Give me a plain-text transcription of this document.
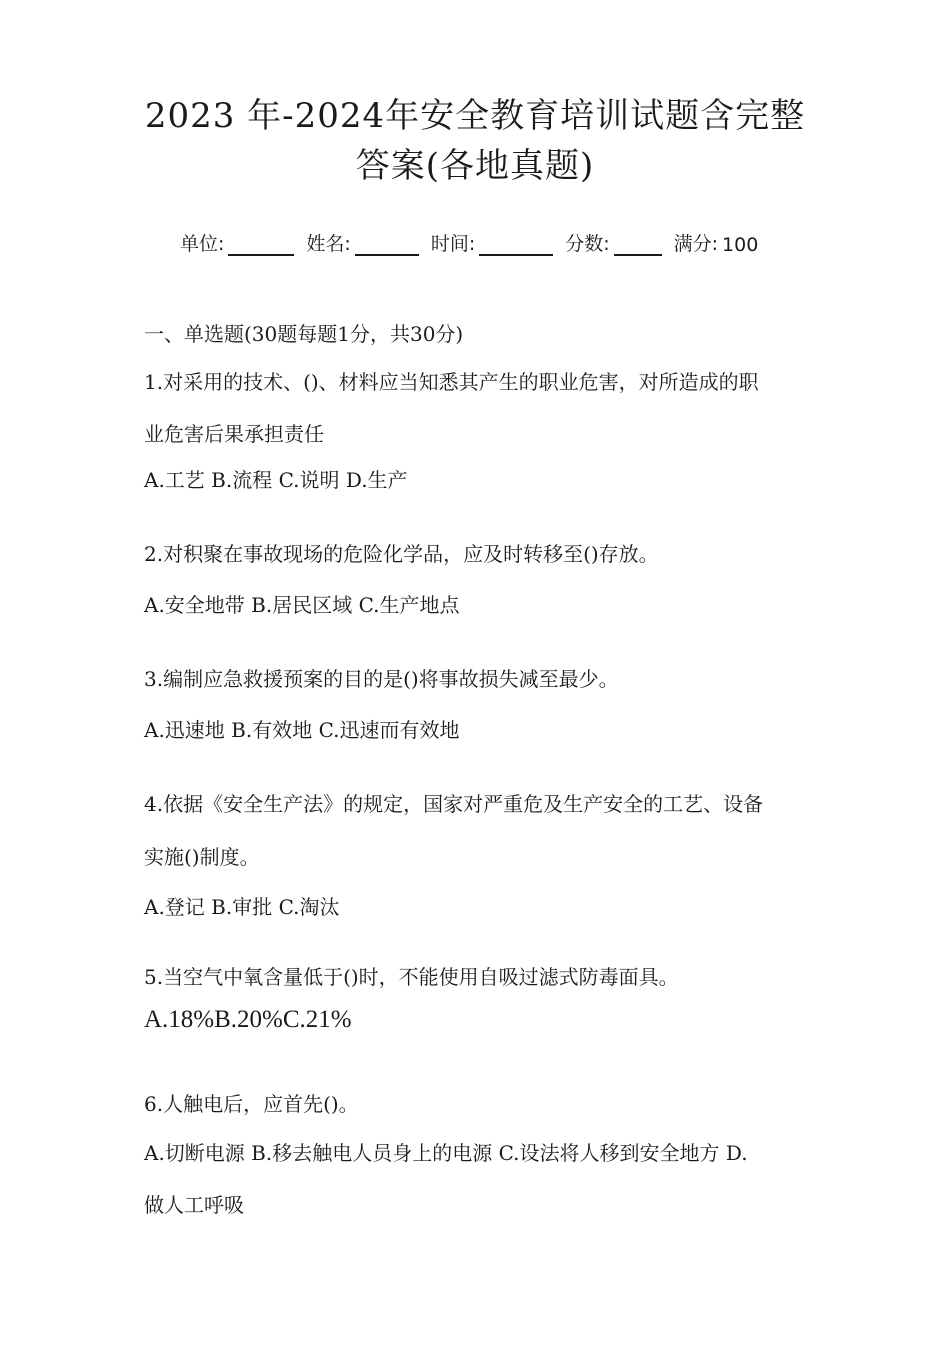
2023 年-2024年安全教育培训试题含完整
答案(各地真题)
单位:	姓名:	时间:	分数:	满分: 100
一、单选题(30题每题1分，共30分)
1.对采用的技术、()、材料应当知悉其产生的职业危害，对所造成的职
业危害后果承担责任
A.工艺 B.流程 C.说明 D.生产
2.对积聚在事故现场的危险化学品，应及时转移至()存放。
A.安全地带 B.居民区域 C.生产地点
3.编制应急救援预案的目的是()将事故损失减至最少。
A.迅速地 B.有效地 C.迅速而有效地
4.依据《安全生产法》的规定，国家对严重危及生产安全的工艺、设备
实施()制度。
A.登记 B.审批 C.淘汰
5.当空气中氧含量低于()时，不能使用自吸过滤式防毒面具。
A.18%B.20%C.21%
6.人触电后，应首先()。
A.切断电源 B.移去触电人员身上的电源 C.设法将人移到安全地方 D.
做人工呼吸
